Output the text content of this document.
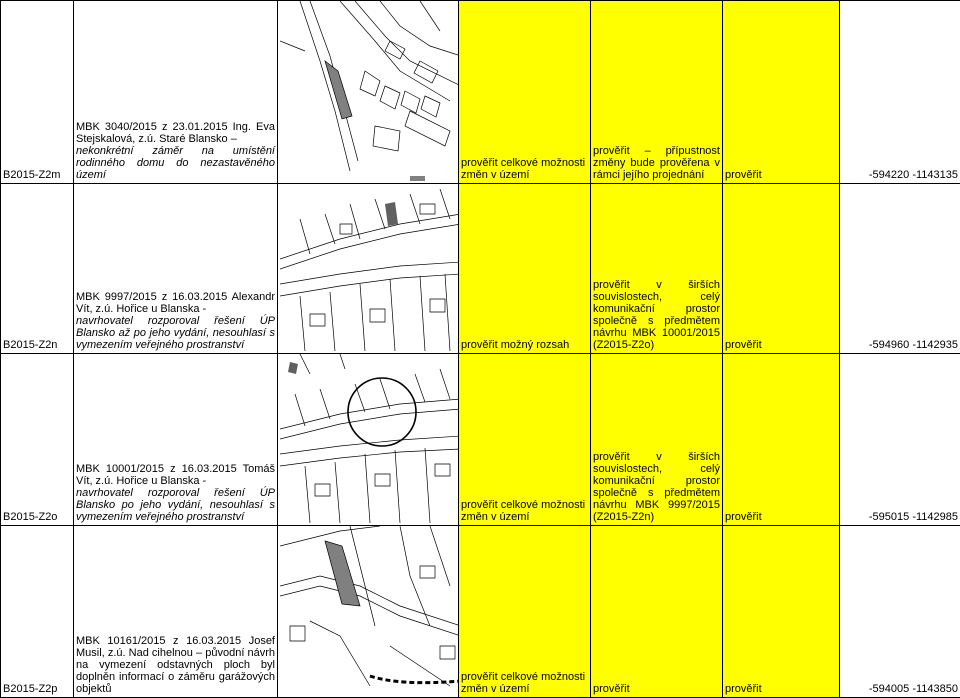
B2015-Z2m	MBK 3040/2015 z 23.01.2015 Ing. Eva Stejskalová, z.ú. Staré Blansko –
nekonkrétní záměr na umístění rodinného domu do nezastavěného území		prověřit celkové možnosti změn v území	prověřit – přípustnost změny bude prověřena v rámci jejího projednání	prověřit	-594220 -1143135
B2015-Z2n	MBK 9997/2015 z 16.03.2015 Alexandr Vít, z.ú. Hořice u Blanska -
navrhovatel rozporoval řešení ÚP Blansko až po jeho vydání, nesouhlasí s vymezením veřejného prostranství		prověřit možný rozsah	prověřit v širších souvislostech, celý komunikační prostor společně s předmětem návrhu MBK 10001/2015 (Z2015-Z2o)	prověřit	-594960 -1142935
B2015-Z2o	MBK 10001/2015 z 16.03.2015 Tomáš Vít, z.ú. Hořice u Blanska -
navrhovatel rozporoval řešení ÚP Blansko po jeho vydání, nesouhlasí s vymezením veřejného prostranství		prověřit celkové možnosti změn v území	prověřit v širších souvislostech, celý komunikační prostor společně s předmětem návrhu MBK 9997/2015 (Z2015-Z2n)	prověřit	-595015 -1142985
B2015-Z2p	MBK 10161/2015 z 16.03.2015 Josef Musil, z.ú. Nad cihelnou – původní návrh na vymezení odstavných ploch byl doplněn informací o záměru garážových objektů		prověřit celkové možnosti změn v území	prověřit	prověřit	-594005 -1143850
